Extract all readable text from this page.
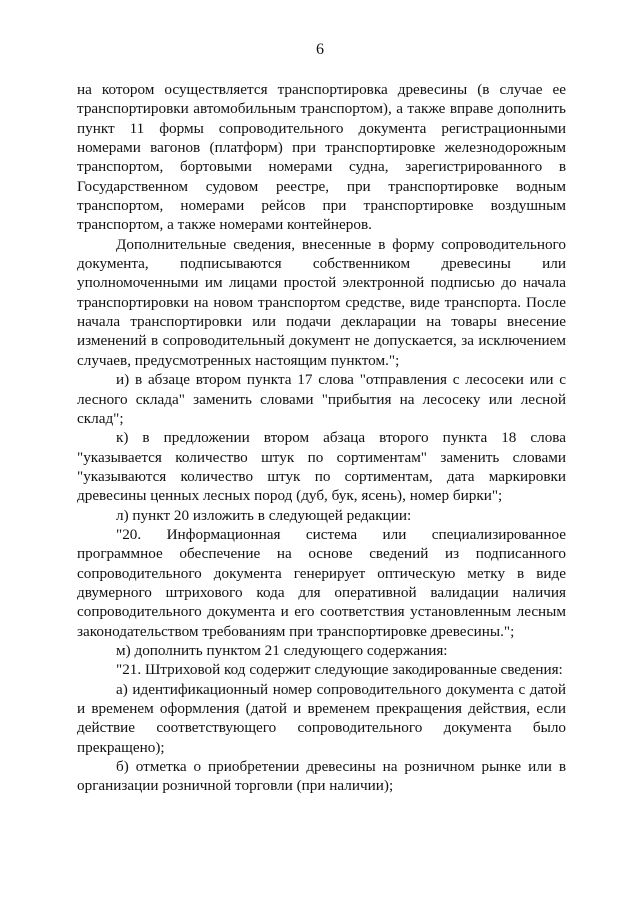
6

на котором осуществляется транспортировка древесины (в случае ее транспортировки автомобильным транспортом), а также вправе дополнить пункт 11 формы сопроводительного документа регистрационными номерами вагонов (платформ) при транспортировке железнодорожным транспортом, бортовыми номерами судна, зарегистрированного в Государственном судовом реестре, при транспортировке водным транспортом, номерами рейсов при транспортировке воздушным транспортом, а также номерами контейнеров.

Дополнительные сведения, внесенные в форму сопроводительного документа, подписываются собственником древесины или уполномоченными им лицами простой электронной подписью до начала транспортировки на новом транспортом средстве, виде транспорта. После начала транспортировки или подачи декларации на товары внесение изменений в сопроводительный документ не допускается, за исключением случаев, предусмотренных настоящим пунктом.";

и) в абзаце втором пункта 17 слова "отправления с лесосеки или с лесного склада" заменить словами "прибытия на лесосеку или лесной склад";

к) в предложении втором абзаца второго пункта 18 слова "указывается количество штук по сортиментам" заменить словами "указываются количество штук по сортиментам, дата маркировки древесины ценных лесных пород (дуб, бук, ясень), номер бирки";

л) пункт 20 изложить в следующей редакции:

"20. Информационная система или специализированное программное обеспечение на основе сведений из подписанного сопроводительного документа генерирует оптическую метку в виде двумерного штрихового кода для оперативной валидации наличия сопроводительного документа и его соответствия установленным лесным законодательством требованиям при транспортировке древесины.";

м) дополнить пунктом 21 следующего содержания:

"21. Штриховой код содержит следующие закодированные сведения:

а) идентификационный номер сопроводительного документа с датой и временем оформления (датой и временем прекращения действия, если действие соответствующего сопроводительного документа было прекращено);

б) отметка о приобретении древесины на розничном рынке или в организации розничной торговли (при наличии);
